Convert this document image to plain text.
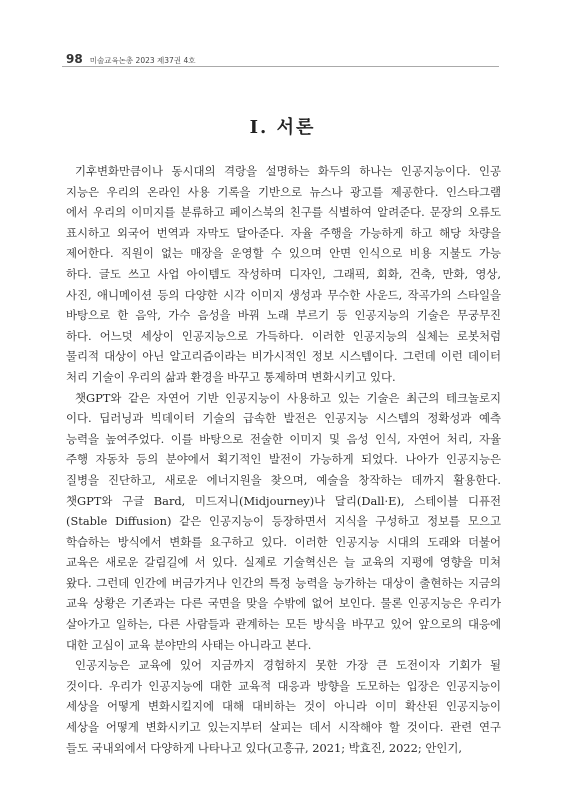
98 미술교육논총 2023 제37권 4호
Ⅰ. 서론
기후변화만큼이나 동시대의 격랑을 설명하는 화두의 하나는 인공지능이다. 인공
지능은 우리의 온라인 사용 기록을 기반으로 뉴스나 광고를 제공한다. 인스타그램
에서 우리의 이미지를 분류하고 페이스북의 친구를 식별하여 알려준다. 문장의 오류도
표시하고 외국어 번역과 자막도 달아준다. 자율 주행을 가능하게 하고 해당 차량을
제어한다. 직원이 없는 매장을 운영할 수 있으며 안면 인식으로 비용 지불도 가능
하다. 글도 쓰고 사업 아이템도 작성하며 디자인, 그래픽, 회화, 건축, 만화, 영상,
사진, 애니메이션 등의 다양한 시각 이미지 생성과 무수한 사운드, 작곡가의 스타일을
바탕으로 한 음악, 가수 음성을 바꿔 노래 부르기 등 인공지능의 기술은 무궁무진
하다. 어느덧 세상이 인공지능으로 가득하다. 이러한 인공지능의 실체는 로봇처럼
물리적 대상이 아닌 알고리즘이라는 비가시적인 정보 시스템이다. 그런데 이런 데이터
처리 기술이 우리의 삶과 환경을 바꾸고 통제하며 변화시키고 있다.
챗GPT와 같은 자연어 기반 인공지능이 사용하고 있는 기술은 최근의 테크놀로지
이다. 딥러닝과 빅데이터 기술의 급속한 발전은 인공지능 시스템의 정확성과 예측
능력을 높여주었다. 이를 바탕으로 전술한 이미지 및 음성 인식, 자연어 처리, 자율
주행 자동차 등의 분야에서 획기적인 발전이 가능하게 되었다. 나아가 인공지능은
질병을 진단하고, 새로운 에너지원을 찾으며, 예술을 창작하는 데까지 활용한다.
챗GPT와 구글 Bard, 미드저니(Midjourney)나 달리(Dall·E), 스테이블 디퓨전
(Stable Diffusion) 같은 인공지능이 등장하면서 지식을 구성하고 정보를 모으고
학습하는 방식에서 변화를 요구하고 있다. 이러한 인공지능 시대의 도래와 더불어
교육은 새로운 갈림길에 서 있다. 실제로 기술혁신은 늘 교육의 지평에 영향을 미쳐
왔다. 그런데 인간에 버금가거나 인간의 특정 능력을 능가하는 대상이 출현하는 지금의
교육 상황은 기존과는 다른 국면을 맞을 수밖에 없어 보인다. 물론 인공지능은 우리가
살아가고 일하는, 다른 사람들과 관계하는 모든 방식을 바꾸고 있어 앞으로의 대응에
대한 고심이 교육 분야만의 사태는 아니라고 본다.
인공지능은 교육에 있어 지금까지 경험하지 못한 가장 큰 도전이자 기회가 될
것이다. 우리가 인공지능에 대한 교육적 대응과 방향을 도모하는 입장은 인공지능이
세상을 어떻게 변화시킬지에 대해 대비하는 것이 아니라 이미 확산된 인공지능이
세상을 어떻게 변화시키고 있는지부터 살피는 데서 시작해야 할 것이다. 관련 연구
들도 국내외에서 다양하게 나타나고 있다(고흥규, 2021; 박효진, 2022; 안인기,
